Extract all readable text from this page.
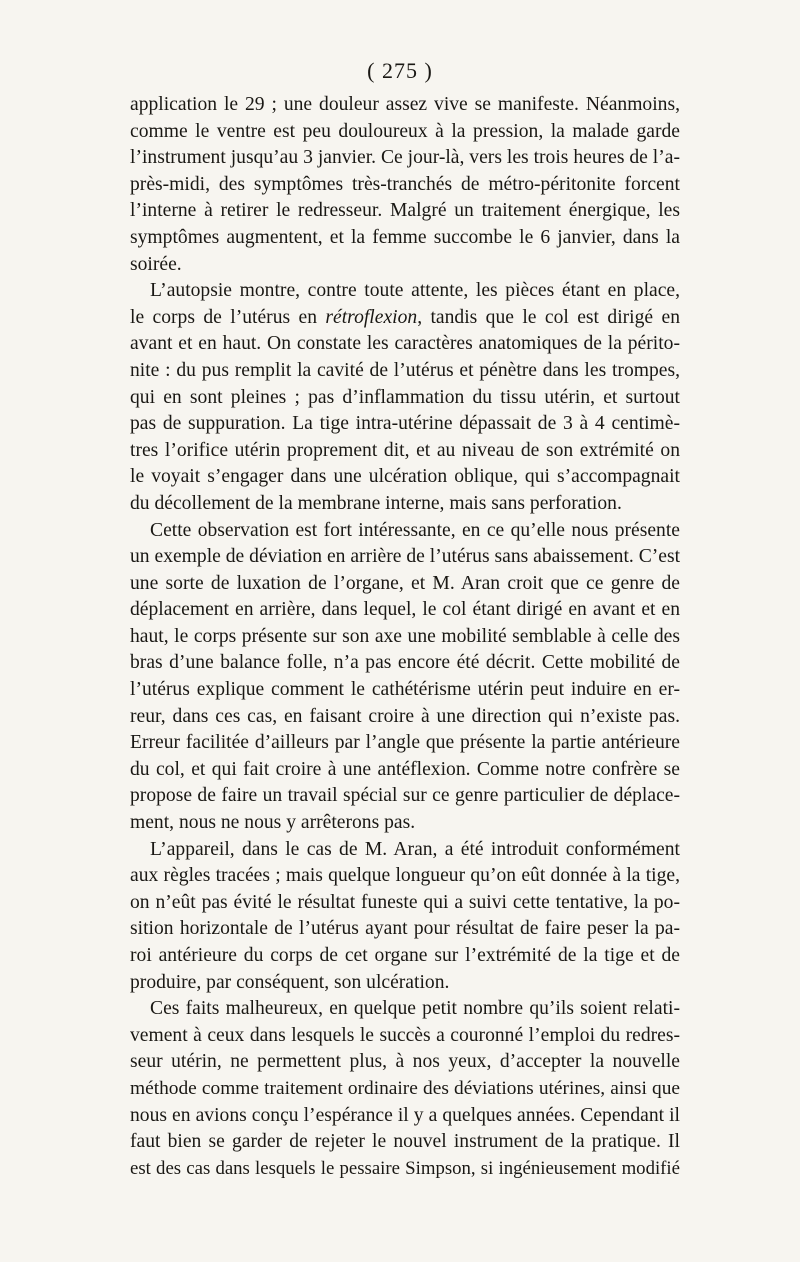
( 275 )
application le 29 ; une douleur assez vive se manifeste. Néanmoins,
comme le ventre est peu douloureux à la pression, la malade garde
l’instrument jusqu’au 3 janvier. Ce jour-là, vers les trois heures de l’a-
près-midi, des symptômes très-tranchés de métro-péritonite forcent
l’interne à retirer le redresseur. Malgré un traitement énergique, les
symptômes augmentent, et la femme succombe le 6 janvier, dans la
soirée.
L’autopsie montre, contre toute attente, les pièces étant en place,
le corps de l’utérus en rétroflexion, tandis que le col est dirigé en
avant et en haut. On constate les caractères anatomiques de la périto-
nite : du pus remplit la cavité de l’utérus et pénètre dans les trompes,
qui en sont pleines ; pas d’inflammation du tissu utérin, et surtout
pas de suppuration. La tige intra-utérine dépassait de 3 à 4 centimè-
tres l’orifice utérin proprement dit, et au niveau de son extrémité on
le voyait s’engager dans une ulcération oblique, qui s’accompagnait
du décollement de la membrane interne, mais sans perforation.
Cette observation est fort intéressante, en ce qu’elle nous présente
un exemple de déviation en arrière de l’utérus sans abaissement. C’est
une sorte de luxation de l’organe, et M. Aran croit que ce genre de
déplacement en arrière, dans lequel, le col étant dirigé en avant et en
haut, le corps présente sur son axe une mobilité semblable à celle des
bras d’une balance folle, n’a pas encore été décrit. Cette mobilité de
l’utérus explique comment le cathétérisme utérin peut induire en er-
reur, dans ces cas, en faisant croire à une direction qui n’existe pas.
Erreur facilitée d’ailleurs par l’angle que présente la partie antérieure
du col, et qui fait croire à une antéflexion. Comme notre confrère se
propose de faire un travail spécial sur ce genre particulier de déplace-
ment, nous ne nous y arrêterons pas.
L’appareil, dans le cas de M. Aran, a été introduit conformément
aux règles tracées ; mais quelque longueur qu’on eût donnée à la tige,
on n’eût pas évité le résultat funeste qui a suivi cette tentative, la po-
sition horizontale de l’utérus ayant pour résultat de faire peser la pa-
roi antérieure du corps de cet organe sur l’extrémité de la tige et de
produire, par conséquent, son ulcération.
Ces faits malheureux, en quelque petit nombre qu’ils soient relati-
vement à ceux dans lesquels le succès a couronné l’emploi du redres-
seur utérin, ne permettent plus, à nos yeux, d’accepter la nouvelle
méthode comme traitement ordinaire des déviations utérines, ainsi que
nous en avions conçu l’espérance il y a quelques années. Cependant il
faut bien se garder de rejeter le nouvel instrument de la pratique. Il
est des cas dans lesquels le pessaire Simpson, si ingénieusement modifié
